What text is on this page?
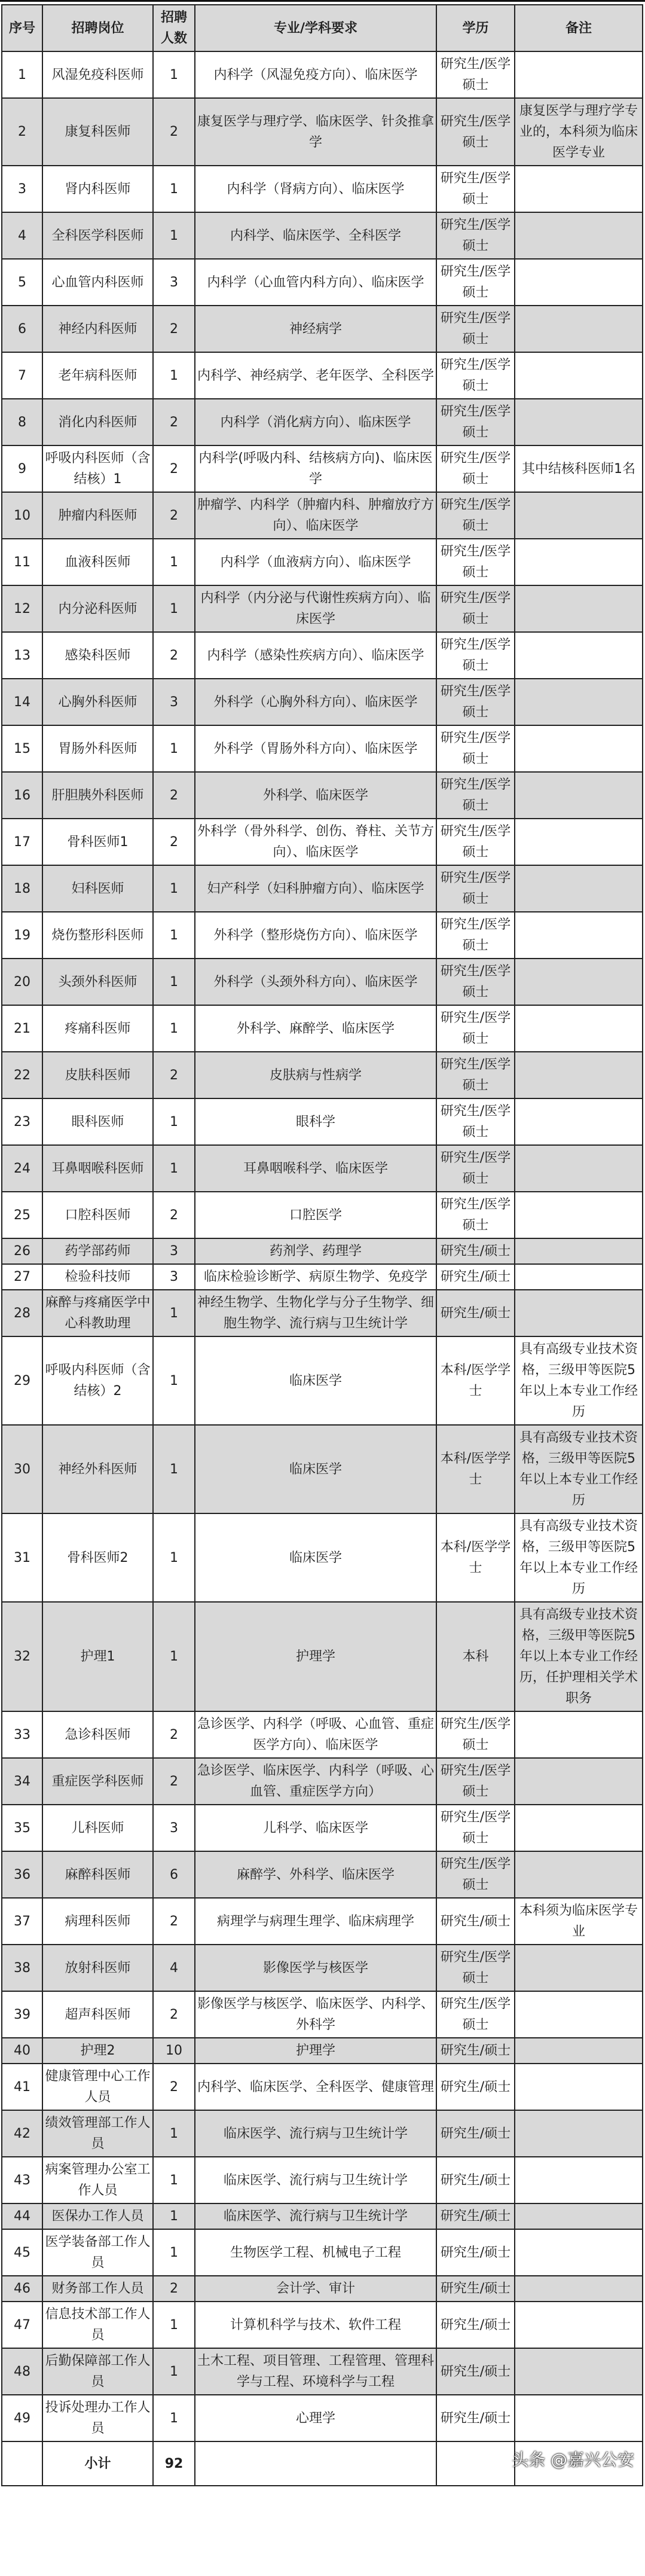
序号	招聘岗位	招聘人数	专业/学科要求	学历	备注
1	风湿免疫科医师	1	内科学（风湿免疫方向）、临床医学	研究生/医学硕士	
2	康复科医师	2	康复医学与理疗学、临床医学、针灸推拿学	研究生/医学硕士	康复医学与理疗学专业的，本科须为临床医学专业
3	肾内科医师	1	内科学（肾病方向）、临床医学	研究生/医学硕士	
4	全科医学科医师	1	内科学、临床医学、全科医学	研究生/医学硕士	
5	心血管内科医师	3	内科学（心血管内科方向）、临床医学	研究生/医学硕士	
6	神经内科医师	2	神经病学	研究生/医学硕士	
7	老年病科医师	1	内科学、神经病学、老年医学、全科医学	研究生/医学硕士	
8	消化内科医师	2	内科学（消化病方向）、临床医学	研究生/医学硕士	
9	呼吸内科医师（含结核）1	2	内科学(呼吸内科、结核病方向)、临床医学	研究生/医学硕士	其中结核科医师1名
10	肿瘤内科医师	2	肿瘤学、内科学（肿瘤内科、肿瘤放疗方向）、临床医学	研究生/医学硕士	
11	血液科医师	1	内科学（血液病方向）、临床医学	研究生/医学硕士	
12	内分泌科医师	1	内科学（内分泌与代谢性疾病方向）、临床医学	研究生/医学硕士	
13	感染科医师	2	内科学（感染性疾病方向）、临床医学	研究生/医学硕士	
14	心胸外科医师	3	外科学（心胸外科方向）、临床医学	研究生/医学硕士	
15	胃肠外科医师	1	外科学（胃肠外科方向）、临床医学	研究生/医学硕士	
16	肝胆胰外科医师	2	外科学、临床医学	研究生/医学硕士	
17	骨科医师1	2	外科学（骨外科学、创伤、脊柱、关节方向）、临床医学	研究生/医学硕士	
18	妇科医师	1	妇产科学（妇科肿瘤方向）、临床医学	研究生/医学硕士	
19	烧伤整形科医师	1	外科学（整形烧伤方向）、临床医学	研究生/医学硕士	
20	头颈外科医师	1	外科学（头颈外科方向）、临床医学	研究生/医学硕士	
21	疼痛科医师	1	外科学、麻醉学、临床医学	研究生/医学硕士	
22	皮肤科医师	2	皮肤病与性病学	研究生/医学硕士	
23	眼科医师	1	眼科学	研究生/医学硕士	
24	耳鼻咽喉科医师	1	耳鼻咽喉科学、临床医学	研究生/医学硕士	
25	口腔科医师	2	口腔医学	研究生/医学硕士	
26	药学部药师	3	药剂学、药理学	研究生/硕士	
27	检验科技师	3	临床检验诊断学、病原生物学、免疫学	研究生/硕士	
28	麻醉与疼痛医学中心科教助理	1	神经生物学、生物化学与分子生物学、细胞生物学、流行病与卫生统计学	研究生/硕士	
29	呼吸内科医师（含结核）2	1	临床医学	本科/医学学士	具有高级专业技术资格，三级甲等医院5年以上本专业工作经历
30	神经外科医师	1	临床医学	本科/医学学士	具有高级专业技术资格，三级甲等医院5年以上本专业工作经历
31	骨科医师2	1	临床医学	本科/医学学士	具有高级专业技术资格，三级甲等医院5年以上本专业工作经历
32	护理1	1	护理学	本科	具有高级专业技术资格，三级甲等医院5年以上本专业工作经历，任护理相关学术职务
33	急诊科医师	2	急诊医学、内科学（呼吸、心血管、重症医学方向）、临床医学	研究生/医学硕士	
34	重症医学科医师	2	急诊医学、临床医学、内科学（呼吸、心血管、重症医学方向）	研究生/医学硕士	
35	儿科医师	3	儿科学、临床医学	研究生/医学硕士	
36	麻醉科医师	6	麻醉学、外科学、临床医学	研究生/医学硕士	
37	病理科医师	2	病理学与病理生理学、临床病理学	研究生/硕士	本科须为临床医学专业
38	放射科医师	4	影像医学与核医学	研究生/医学硕士	
39	超声科医师	2	影像医学与核医学、临床医学、内科学、外科学	研究生/医学硕士	
40	护理2	10	护理学	研究生/硕士	
41	健康管理中心工作人员	2	内科学、临床医学、全科医学、健康管理	研究生/硕士	
42	绩效管理部工作人员	1	临床医学、流行病与卫生统计学	研究生/硕士	
43	病案管理办公室工作人员	1	临床医学、流行病与卫生统计学	研究生/硕士	
44	医保办工作人员	1	临床医学、流行病与卫生统计学	研究生/硕士	
45	医学装备部工作人员	1	生物医学工程、机械电子工程	研究生/硕士	
46	财务部工作人员	2	会计学、审计	研究生/硕士	
47	信息技术部工作人员	1	计算机科学与技术、软件工程	研究生/硕士	
48	后勤保障部工作人员	1	土木工程、项目管理、工程管理、管理科学与工程、环境科学与工程	研究生/硕士	
49	投诉处理办工作人员	1	心理学	研究生/硕士	
	小计	92				头条 @嘉兴公安
